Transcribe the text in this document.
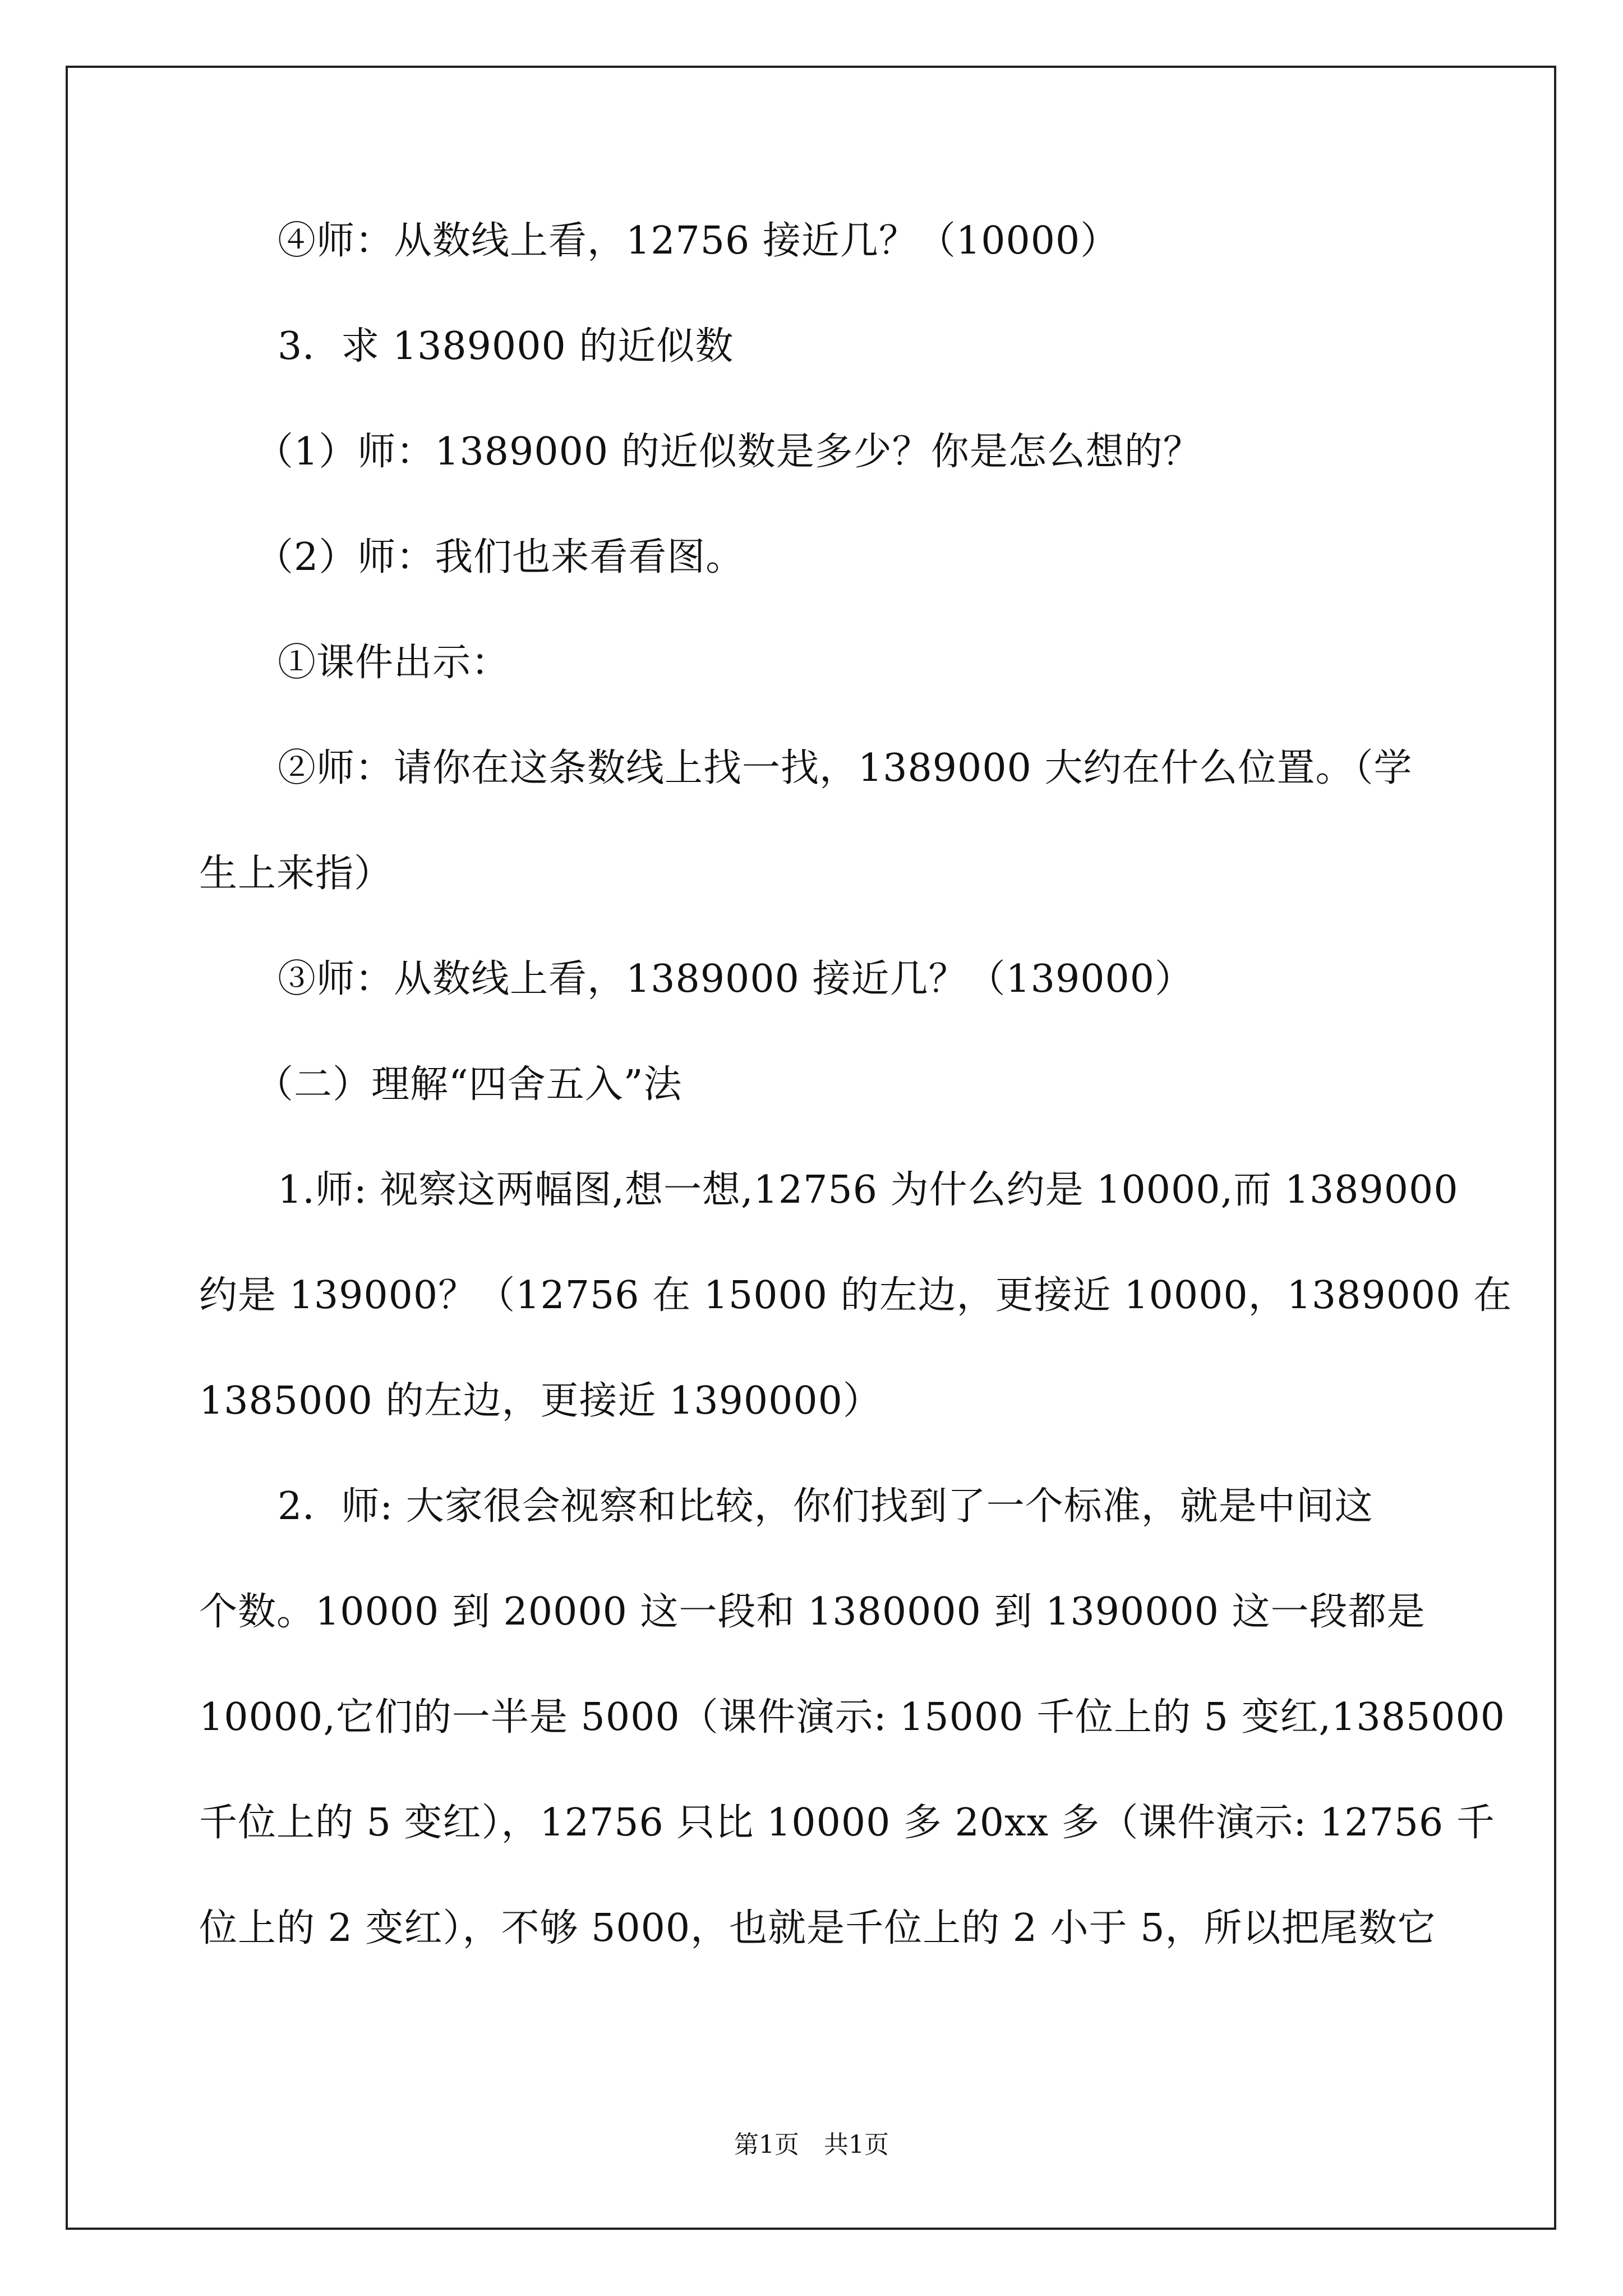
④师：从数线上看，12756 接近几？（10000）
3．求 1389000 的近似数
（1）师：1389000 的近似数是多少？你是怎么想的？
（2）师：我们也来看看图。
①课件出示：
②师：请你在这条数线上找一找，1389000 大约在什么位置。（学
生上来指）
③师：从数线上看，1389000 接近几？（139000）
（二）理解“四舍五入”法
1.师: 视察这两幅图,想一想,12756 为什么约是 10000,而 1389000
约是 139000？（12756 在 15000 的左边，更接近 10000，1389000 在
1385000 的左边，更接近 1390000）
2．师: 大家很会视察和比较，你们找到了一个标准，就是中间这
个数。10000 到 20000 这一段和 1380000 到 1390000 这一段都是
10000,它们的一半是 5000（课件演示: 15000 千位上的 5 变红,1385000
千位上的 5 变红），12756 只比 10000 多 20xx 多（课件演示: 12756 千
位上的 2 变红），不够 5000，也就是千位上的 2 小于 5，所以把尾数它
第1页　共1页
